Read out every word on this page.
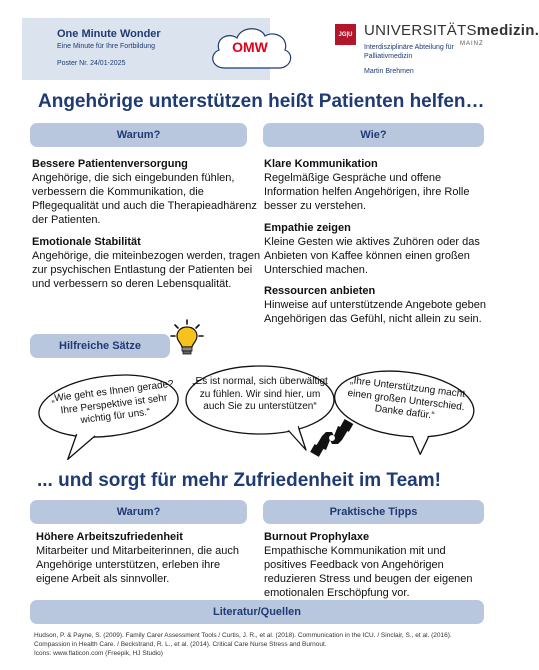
One Minute Wonder
Eine Minute für Ihre Fortbildung
Poster Nr. 24/01-2025
OMW
JG|U UNIVERSITÄTSmedizin.
MAINZ
Interdisziplinäre Abteilung für
Palliativmedizin
Martin Brehmen
Angehörige unterstützen heißt Patienten helfen…
Warum?	Wie?
Bessere Patientenversorgung

Angehörige, die sich eingebunden fühlen, verbessern die Kommunikation, die Pflegequalität und auch die Therapieadhärenz der Patienten.

Emotionale Stabilität

Angehörige, die miteinbezogen werden, tragen zur psychischen Entlastung der Patienten bei und verbessern so deren Lebensqualität.

Klare Kommunikation

Regelmäßige Gespräche und offene Information helfen Angehörigen, ihre Rolle besser zu verstehen.

Empathie zeigen

Kleine Gesten wie aktives Zuhören oder das Anbieten von Kaffee können einen großen Unterschied machen.

Ressourcen anbieten

Hinweise auf unterstützende Angebote geben Angehörigen das Gefühl, nicht allein zu sein.

Hilfreiche Sätze
„Wie geht es Ihnen gerade? Ihre Perspektive ist sehr wichtig für uns.“
„Es ist normal, sich überwältigt zu fühlen. Wir sind hier, um auch Sie zu unterstützen“
„Ihre Unterstützung macht einen großen Unterschied. Danke dafür.“
... und sorgt für mehr Zufriedenheit im Team!
Warum?	Praktische Tipps
Höhere Arbeitszufriedenheit

Mitarbeiter und Mitarbeiterinnen, die auch Angehörige unterstützen, erleben ihre eigene Arbeit als sinnvoller.

Burnout Prophylaxe

Empathische Kommunikation mit und positives Feedback von Angehörigen reduzieren Stress und beugen der eigenen emotionalen Erschöpfung vor.

Literatur/Quellen
Hudson, P. & Payne, S. (2009). Family Carer Assessment Tools / Curtis, J. R., et al. (2018). Communication in the ICU. / Sinclair, S., et al. (2016). Compassion in Health Care. / Beckstrand, R. L., et al. (2014). Critical Care Nurse Stress and Burnout.
Icons: www.flaticon.com (Freepik, HJ Studio)
